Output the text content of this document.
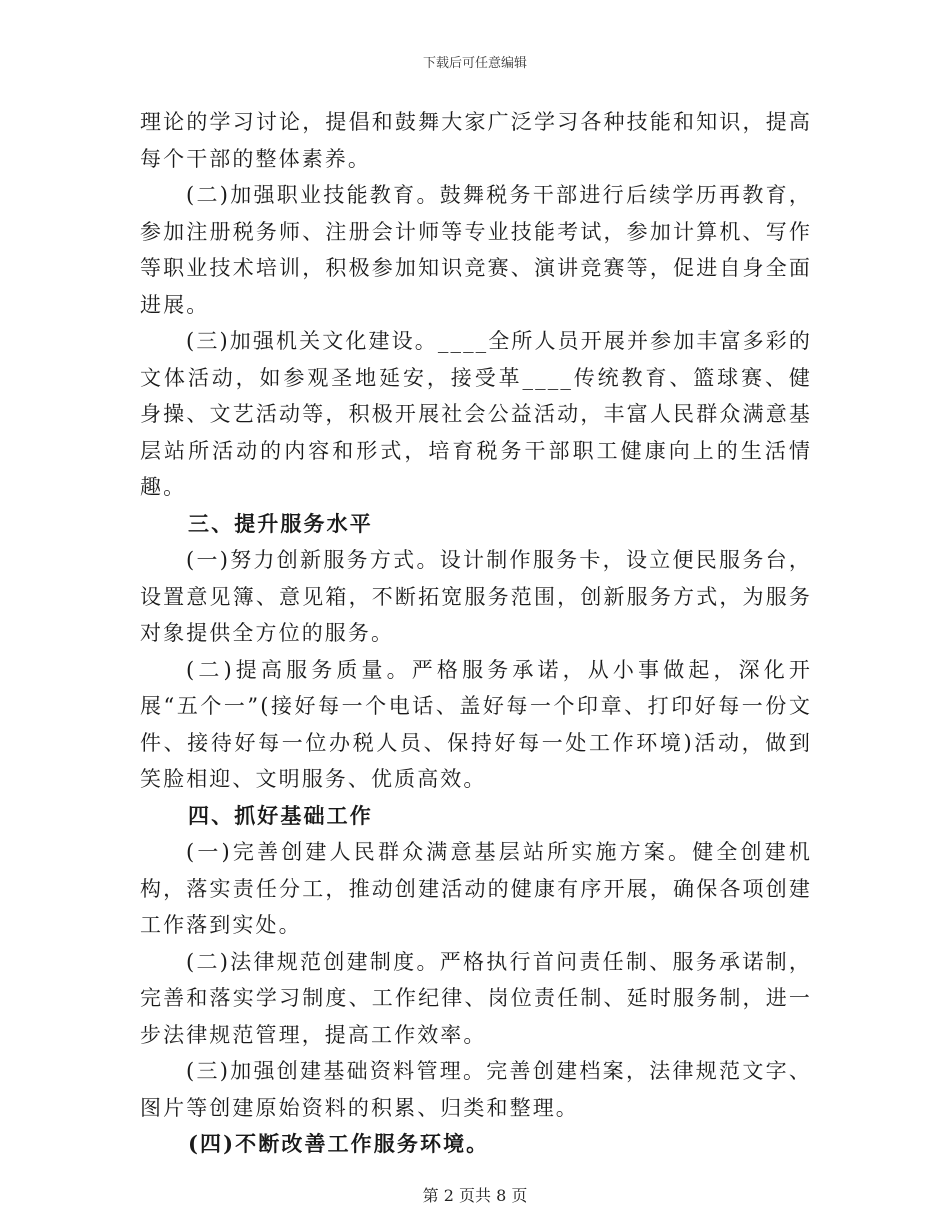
下载后可任意编辑

理论的学习讨论，提倡和鼓舞大家广泛学习各种技能和知识，提高每个干部的整体素养。

(二)加强职业技能教育。鼓舞税务干部进行后续学历再教育，参加注册税务师、注册会计师等专业技能考试，参加计算机、写作等职业技术培训，积极参加知识竞赛、演讲竞赛等，促进自身全面进展。

(三)加强机关文化建设。____全所人员开展并参加丰富多彩的文体活动，如参观圣地延安，接受革____传统教育、篮球赛、健身操、文艺活动等，积极开展社会公益活动，丰富人民群众满意基层站所活动的内容和形式，培育税务干部职工健康向上的生活情趣。

三、提升服务水平

(一)努力创新服务方式。设计制作服务卡，设立便民服务台，设置意见簿、意见箱，不断拓宽服务范围，创新服务方式，为服务对象提供全方位的服务。

(二)提高服务质量。严格服务承诺，从小事做起，深化开展“五个一”(接好每一个电话、盖好每一个印章、打印好每一份文件、接待好每一位办税人员、保持好每一处工作环境)活动，做到笑脸相迎、文明服务、优质高效。

四、抓好基础工作

(一)完善创建人民群众满意基层站所实施方案。健全创建机构，落实责任分工，推动创建活动的健康有序开展，确保各项创建工作落到实处。

(二)法律规范创建制度。严格执行首问责任制、服务承诺制，完善和落实学习制度、工作纪律、岗位责任制、延时服务制，进一步法律规范管理，提高工作效率。

(三)加强创建基础资料管理。完善创建档案，法律规范文字、图片等创建原始资料的积累、归类和整理。

(四)不断改善工作服务环境。

第 2 页共 8 页
